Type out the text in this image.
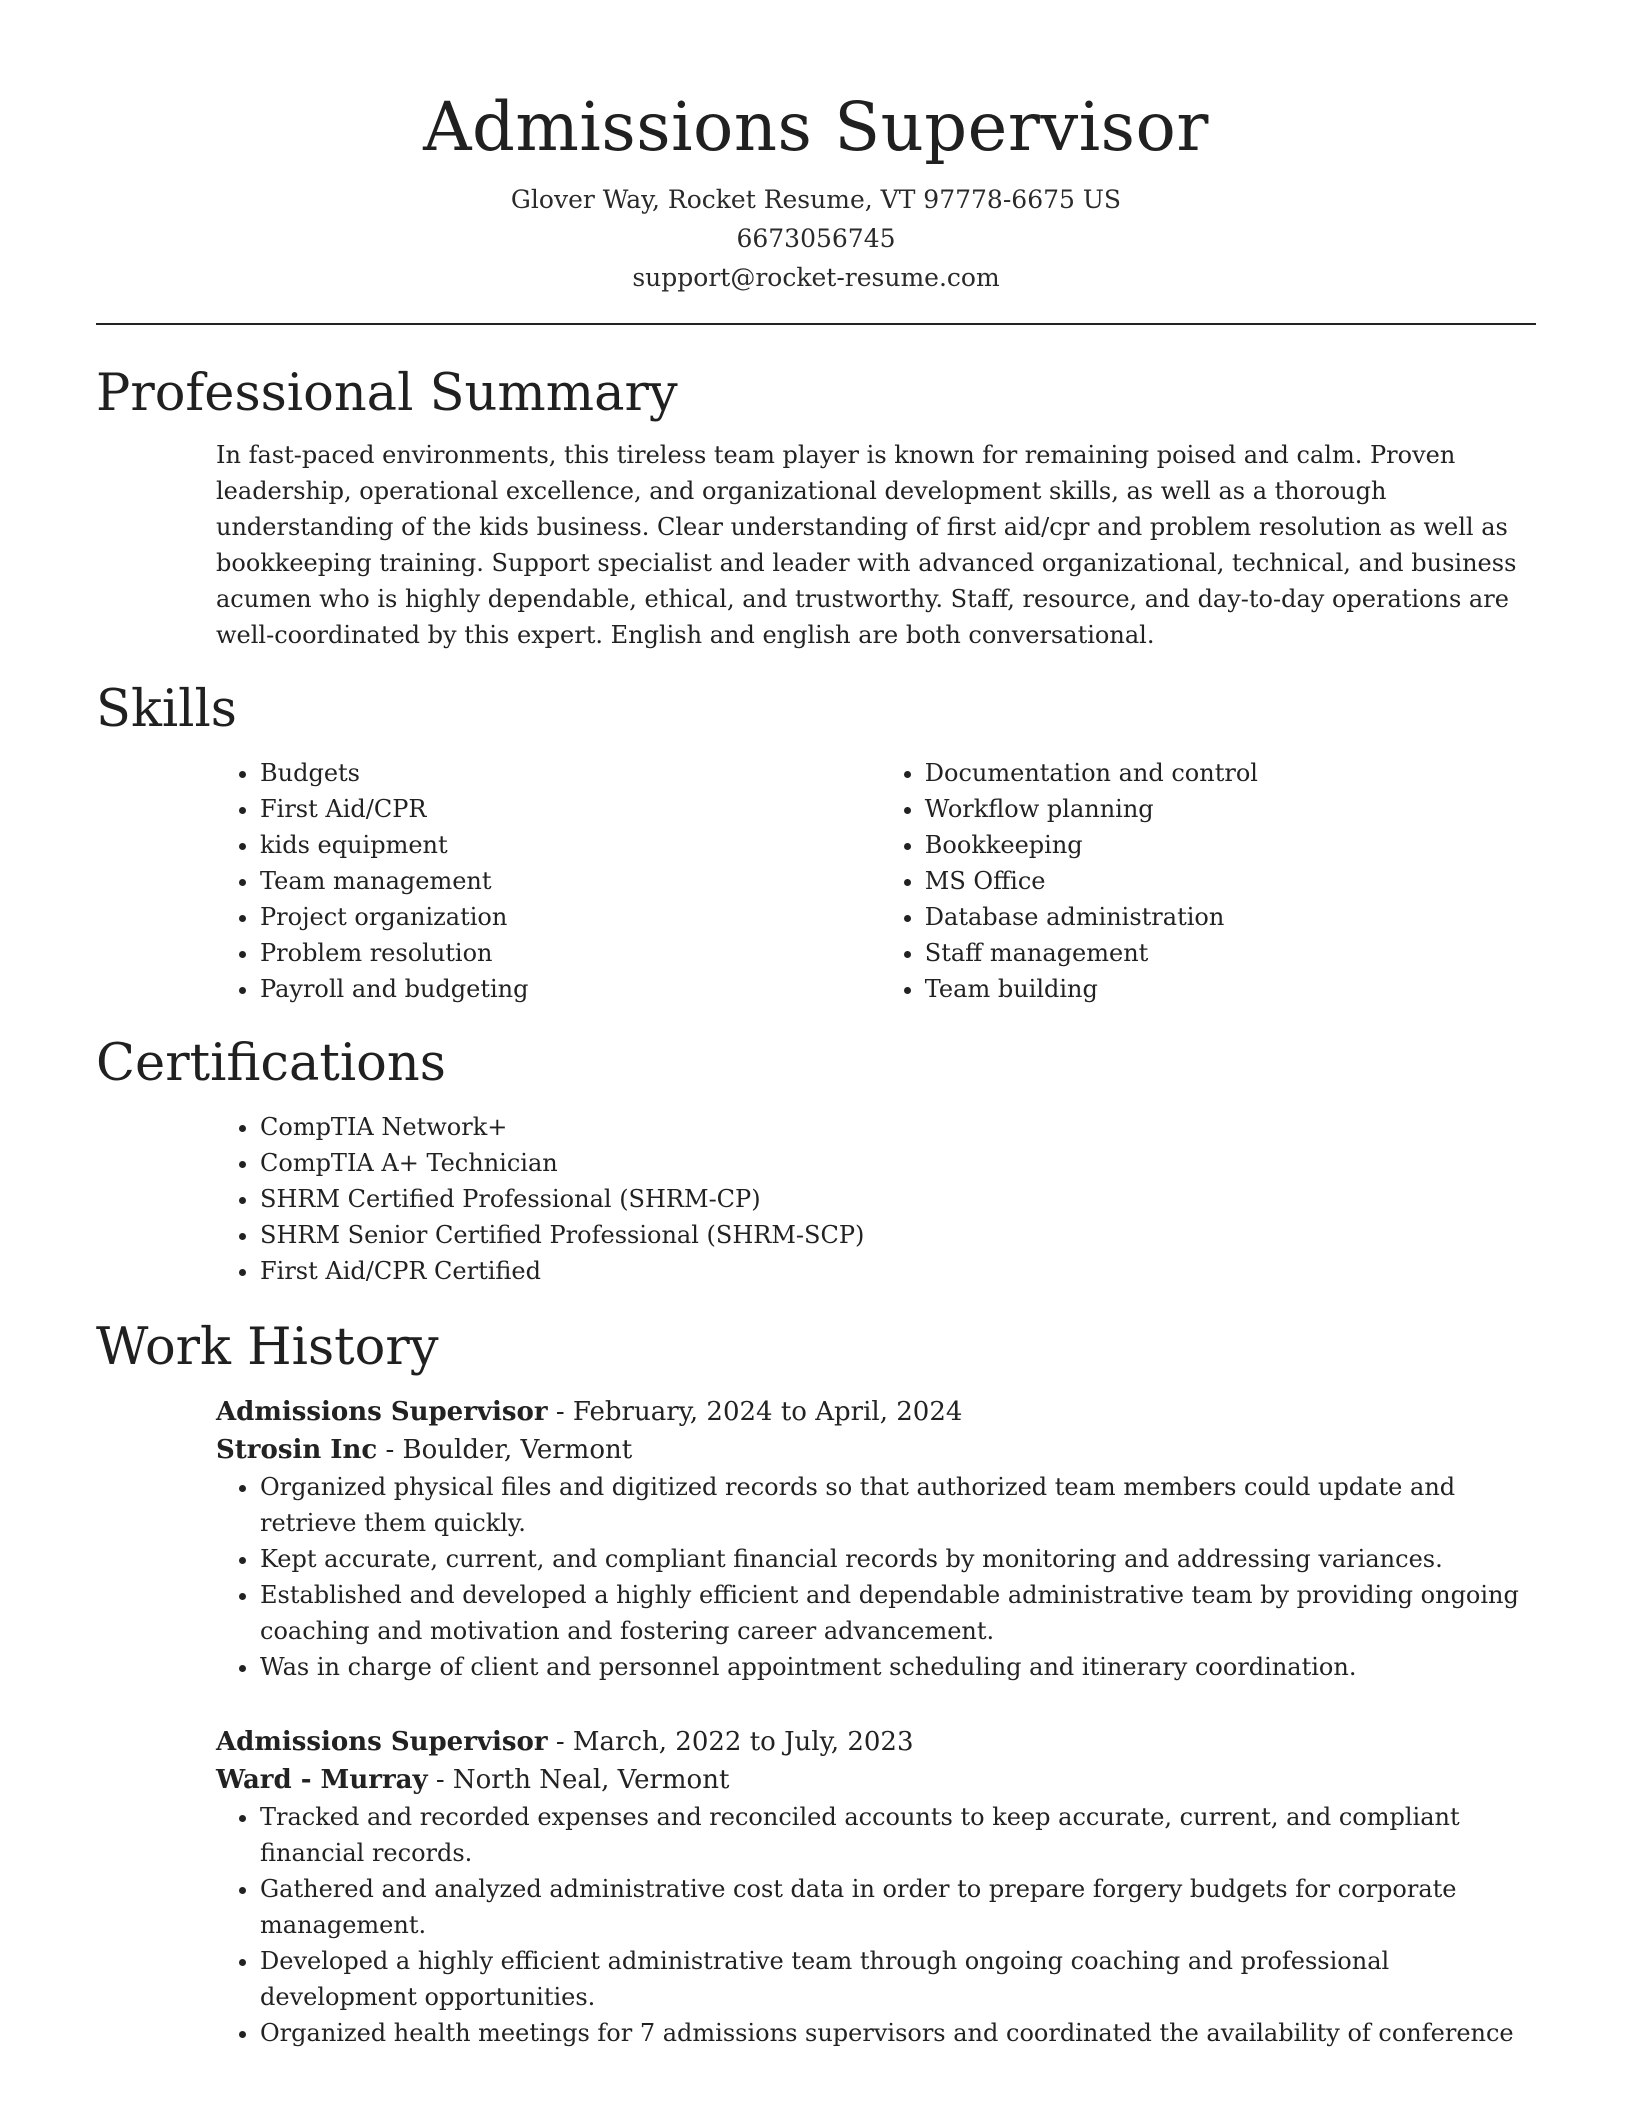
Admissions Supervisor
Glover Way, Rocket Resume, VT 97778-6675 US
6673056745
support@rocket-resume.com
Professional Summary
In fast-paced environments, this tireless team player is known for remaining poised and calm. Proven leadership, operational excellence, and organizational development skills, as well as a thorough understanding of the kids business. Clear understanding of first aid/cpr and problem resolution as well as bookkeeping training. Support specialist and leader with advanced organizational, technical, and business acumen who is highly dependable, ethical, and trustworthy. Staff, resource, and day-to-day operations are well-coordinated by this expert. English and english are both conversational.
Skills
• Budgets
• First Aid/CPR
• kids equipment
• Team management
• Project organization
• Problem resolution
• Payroll and budgeting
• Documentation and control
• Workflow planning
• Bookkeeping
• MS Office
• Database administration
• Staff management
• Team building
Certifications
• CompTIA Network+
• CompTIA A+ Technician
• SHRM Certified Professional (SHRM-CP)
• SHRM Senior Certified Professional (SHRM-SCP)
• First Aid/CPR Certified
Work History
Admissions Supervisor - February, 2024 to April, 2024
Strosin Inc - Boulder, Vermont
• Organized physical files and digitized records so that authorized team members could update and retrieve them quickly.
• Kept accurate, current, and compliant financial records by monitoring and addressing variances.
• Established and developed a highly efficient and dependable administrative team by providing ongoing coaching and motivation and fostering career advancement.
• Was in charge of client and personnel appointment scheduling and itinerary coordination.
Admissions Supervisor - March, 2022 to July, 2023
Ward - Murray - North Neal, Vermont
• Tracked and recorded expenses and reconciled accounts to keep accurate, current, and compliant financial records.
• Gathered and analyzed administrative cost data in order to prepare forgery budgets for corporate management.
• Developed a highly efficient administrative team through ongoing coaching and professional development opportunities.
• Organized health meetings for 7 admissions supervisors and coordinated the availability of conference
